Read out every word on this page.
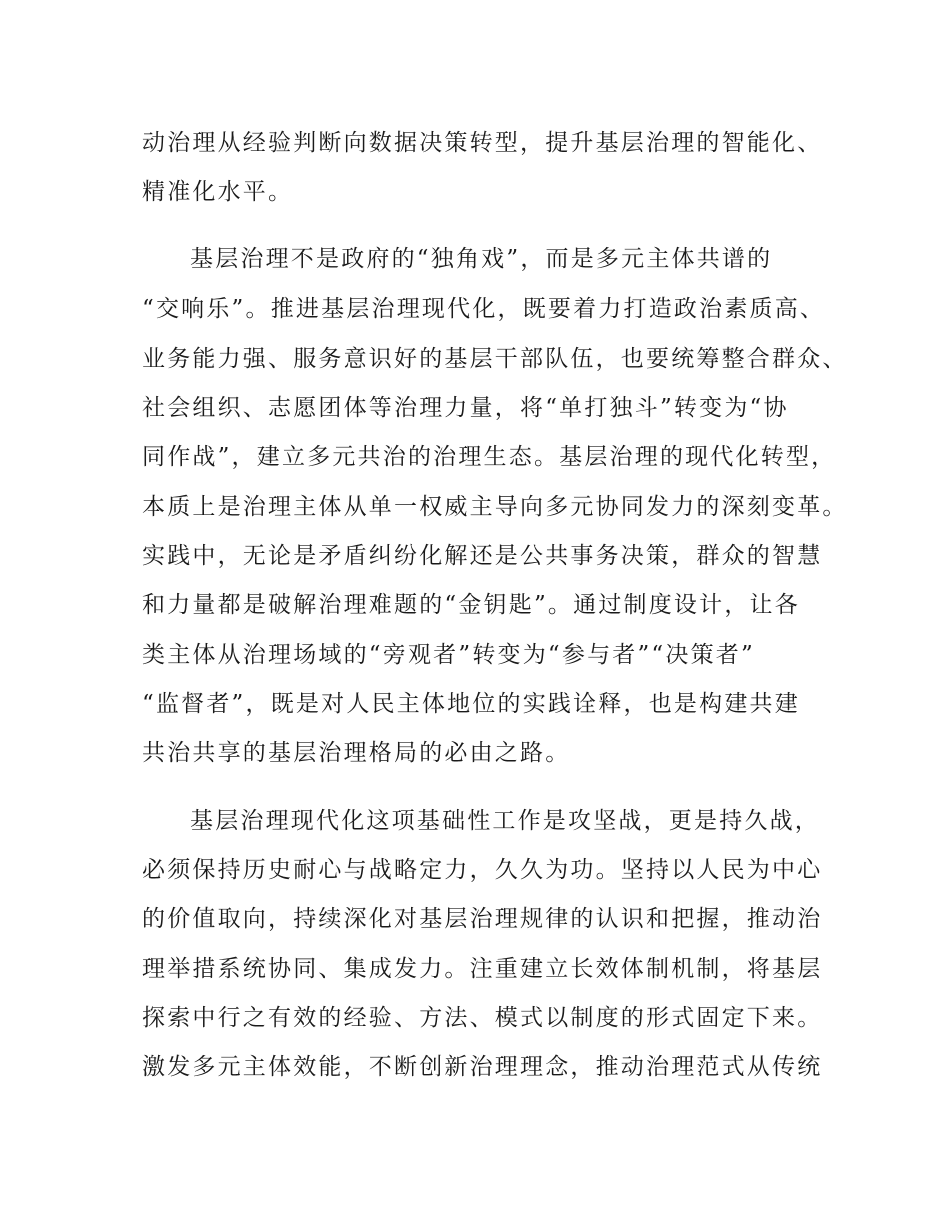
动治理从经验判断向数据决策转型，提升基层治理的智能化、
精准化水平。
基层治理不是政府的“独角戏”，而是多元主体共谱的
“交响乐”。推进基层治理现代化，既要着力打造政治素质高、
业务能力强、服务意识好的基层干部队伍，也要统筹整合群众、
社会组织、志愿团体等治理力量，将“单打独斗”转变为“协
同作战”，建立多元共治的治理生态。基层治理的现代化转型，
本质上是治理主体从单一权威主导向多元协同发力的深刻变革。
实践中，无论是矛盾纠纷化解还是公共事务决策，群众的智慧
和力量都是破解治理难题的“金钥匙”。通过制度设计，让各
类主体从治理场域的“旁观者”转变为“参与者”“决策者”
“监督者”，既是对人民主体地位的实践诠释，也是构建共建
共治共享的基层治理格局的必由之路。
基层治理现代化这项基础性工作是攻坚战，更是持久战，
必须保持历史耐心与战略定力，久久为功。坚持以人民为中心
的价值取向，持续深化对基层治理规律的认识和把握，推动治
理举措系统协同、集成发力。注重建立长效体制机制，将基层
探索中行之有效的经验、方法、模式以制度的形式固定下来。
激发多元主体效能，不断创新治理理念，推动治理范式从传统
